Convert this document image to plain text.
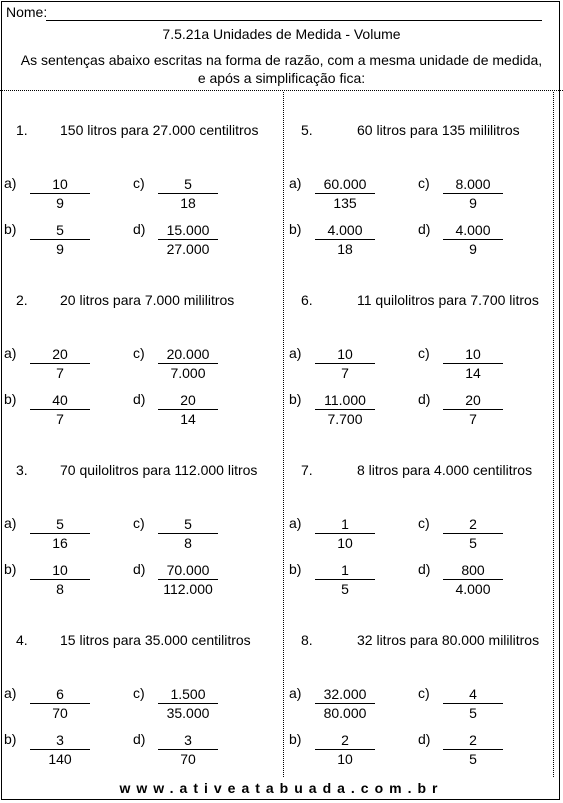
Nome:
7.5.21a Unidades de Medida - Volume
As sentenças abaixo escritas na forma de razão, com a mesma unidade de medida,
e após a simplificação fica:
1. 150 litros para 27.000 centilitros
$a) \frac{10}{9}$
$b) \frac{5}{9}$
$c) \frac{5}{18}$
$d) \frac{15.000}{27.000}$
2. 20 litros para 7.000 mililitros
$a) \frac{20}{7}$
$b) \frac{40}{7}$
$c) \frac{20.000}{7.000}$
$d) \frac{20}{14}$
3. 70 quilolitros para 112.000 litros
$a) \frac{5}{16}$
$b) \frac{10}{8}$
$c) \frac{5}{8}$
$d) \frac{70.000}{112.000}$
4. 15 litros para 35.000 centilitros
$a) \frac{6}{70}$
$b) \frac{3}{140}$
$c) \frac{1.500}{35.000}$
$d) \frac{3}{70}$
5.	60 litros para 135 mililitros
$a) \frac{60.000}{135}$
$b) \frac{4.000}{18}$
$c) \frac{8.000}{9}$
$d) \frac{4.000}{9}$
6.	11 quilolitros para 7.700 litros
$a) \frac{10}{7}$
$b) \frac{11.000}{7.700}$
$c) \frac{10}{14}$
$d) \frac{20}{7}$
7.	8 litros para 4.000 centilitros
$a) \frac{1}{10}$
$b) \frac{1}{5}$
$c) \frac{2}{5}$
$d) \frac{800}{4.000}$
8.	32 litros para 80.000 mililitros
$a) \frac{32.000}{80.000}$
$b) \frac{2}{10}$
$c) \frac{4}{5}$
$d) \frac{2}{5}$
www.ativeatabuada.com.br
